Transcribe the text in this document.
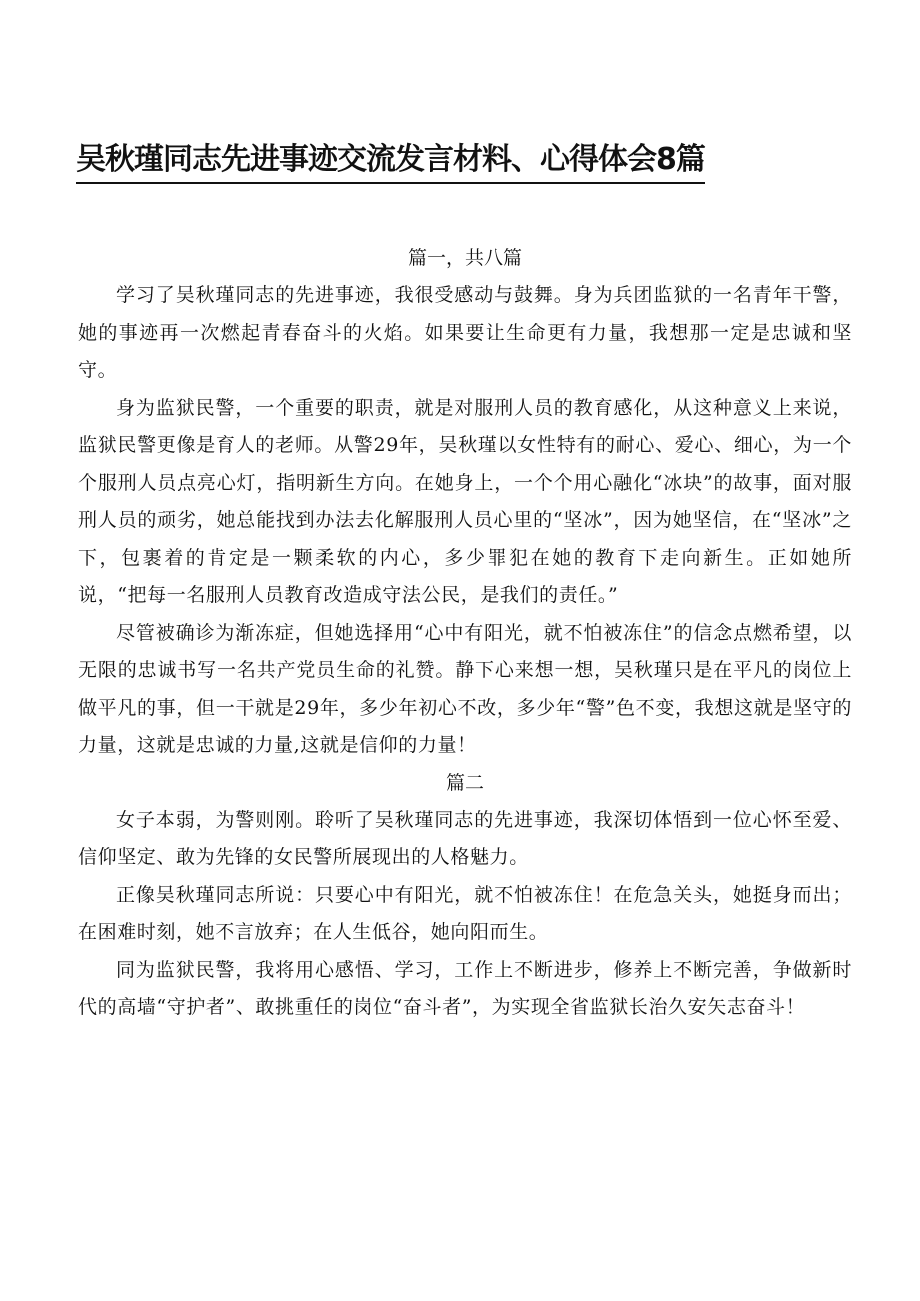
吴秋瑾同志先进事迹交流发言材料、心得体会8篇

篇一，共八篇

学习了吴秋瑾同志的先进事迹，我很受感动与鼓舞。身为兵团监狱的一名青年干警，她的事迹再一次燃起青春奋斗的火焰。如果要让生命更有力量，我想那一定是忠诚和坚守。

身为监狱民警，一个重要的职责，就是对服刑人员的教育感化，从这种意义上来说，监狱民警更像是育人的老师。从警29年，吴秋瑾以女性特有的耐心、爱心、细心，为一个个服刑人员点亮心灯，指明新生方向。在她身上，一个个用心融化“冰块”的故事，面对服刑人员的顽劣，她总能找到办法去化解服刑人员心里的“坚冰”，因为她坚信，在“坚冰”之下，包裹着的肯定是一颗柔软的内心，多少罪犯在她的教育下走向新生。正如她所说，“把每一名服刑人员教育改造成守法公民，是我们的责任。”

尽管被确诊为渐冻症，但她选择用“心中有阳光，就不怕被冻住”的信念点燃希望，以无限的忠诚书写一名共产党员生命的礼赞。静下心来想一想，吴秋瑾只是在平凡的岗位上做平凡的事，但一干就是29年，多少年初心不改，多少年“警”色不变，我想这就是坚守的力量，这就是忠诚的力量,这就是信仰的力量！

篇二

女子本弱，为警则刚。聆听了吴秋瑾同志的先进事迹，我深切体悟到一位心怀至爱、信仰坚定、敢为先锋的女民警所展现出的人格魅力。

正像吴秋瑾同志所说：只要心中有阳光，就不怕被冻住！在危急关头，她挺身而出；在困难时刻，她不言放弃；在人生低谷，她向阳而生。

同为监狱民警，我将用心感悟、学习，工作上不断进步，修养上不断完善，争做新时代的高墙“守护者”、敢挑重任的岗位“奋斗者”，为实现全省监狱长治久安矢志奋斗！
